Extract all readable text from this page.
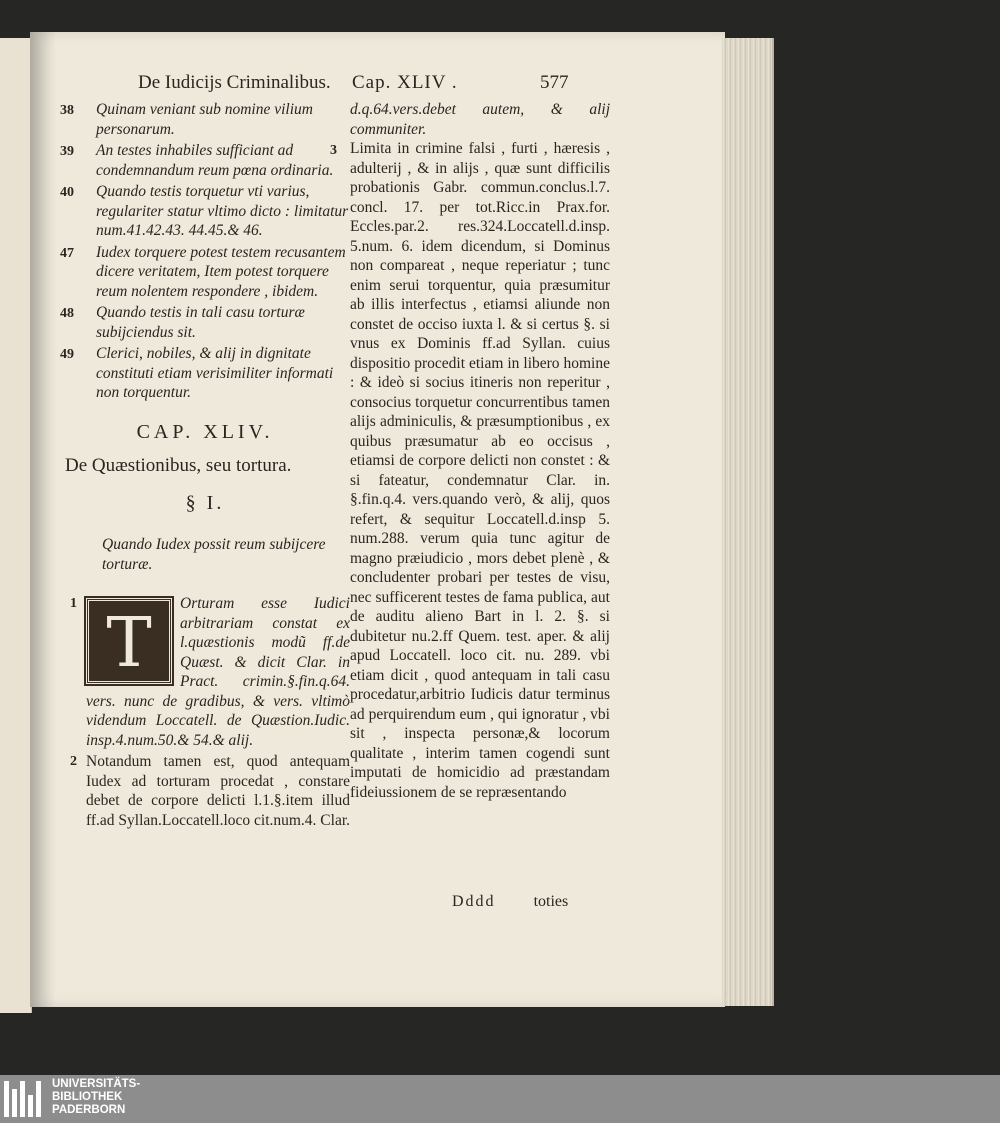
De Iudicijs Criminalibus. Cap. XLIV .	577
38	Quinam veniant sub nomine vilium personarum.
39	An testes inhabiles sufficiant ad condemnandum reum pœna ordinaria.
40	Quando testis torquetur vti varius, regulariter statur vltimo dicto : limitatur num.41.42.43. 44.45.& 46.
47	Iudex torquere potest testem recusantem dicere veritatem, Item potest torquere reum nolentem respondere , ibidem.
48	Quando testis in tali casu torturæ subijciendus sit.
49	Clerici, nobiles, & alij in dignitate constituti etiam verisimiliter informati non torquentur.
CAP. XLIV.
De Quæstionibus, seu tortura.
§ I.
Quando Iudex possit reum subijcere torturæ.
1
T
Orturam esse Iudici arbitrariam constat ex l.quæstionis modũ ff.de Quæst. & dicit Clar. in Pract. crimin.§.fin.q.64. vers. nunc de gradibus, & vers. vltimò videndum Loccatell. de Quæstion.Iudic. insp.4.num.50.& 54.& alij.
2 Notandum tamen est, quod antequam Iudex ad torturam procedat , constare debet de corpore delicti l.1.§.item illud ff.ad Syllan.Loccatell.loco cit.num.4. Clar.
3

d.q.64.vers.debet autem, & alij communiter.

Limita in crimine falsi , furti , hæresis , adulterij , & in alijs , quæ sunt difficilis probationis Gabr. commun.conclus.l.7. concl. 17. per tot.Ricc.in Prax.for. Eccles.par.2. res.324.Loccatell.d.insp. 5.num. 6. idem dicendum, si Dominus non compareat , neque reperiatur ; tunc enim serui torquentur, quia præsumitur ab illis interfectus , etiamsi aliunde non constet de occiso iuxta l. & si certus §. si vnus ex Dominis ff.ad Syllan. cuius dispositio procedit etiam in libero homine : & ideò si socius itineris non reperitur , consocius torquetur concurrentibus tamen alijs adminiculis, & præsumptionibus , ex quibus præsumatur ab eo occisus , etiamsi de corpore delicti non constet : & si fateatur, condemnatur Clar. in. §.fin.q.4. vers.quando verò, & alij, quos refert, & sequitur Loccatell.d.insp 5. num.288. verum quia tunc agitur de magno præiudicio , mors debet plenè , & concludenter probari per testes de visu, nec sufficerent testes de fama publica, aut de auditu alieno Bart in l. 2. §. si dubitetur nu.2.ff Quem. test. aper. & alij apud Loccatell. loco cit. nu. 289. vbi etiam dicit , quod antequam in tali casu procedatur,arbitrio Iudicis datur terminus ad perquirendum eum , qui ignoratur , vbi sit , inspecta personæ,& locorum qualitate , interim tamen cogendi sunt imputati de homicidio ad præstandam fideiussionem de se repræsentando

Dddd toties
UNIVERSITÄTS-
BIBLIOTHEK
PADERBORN
